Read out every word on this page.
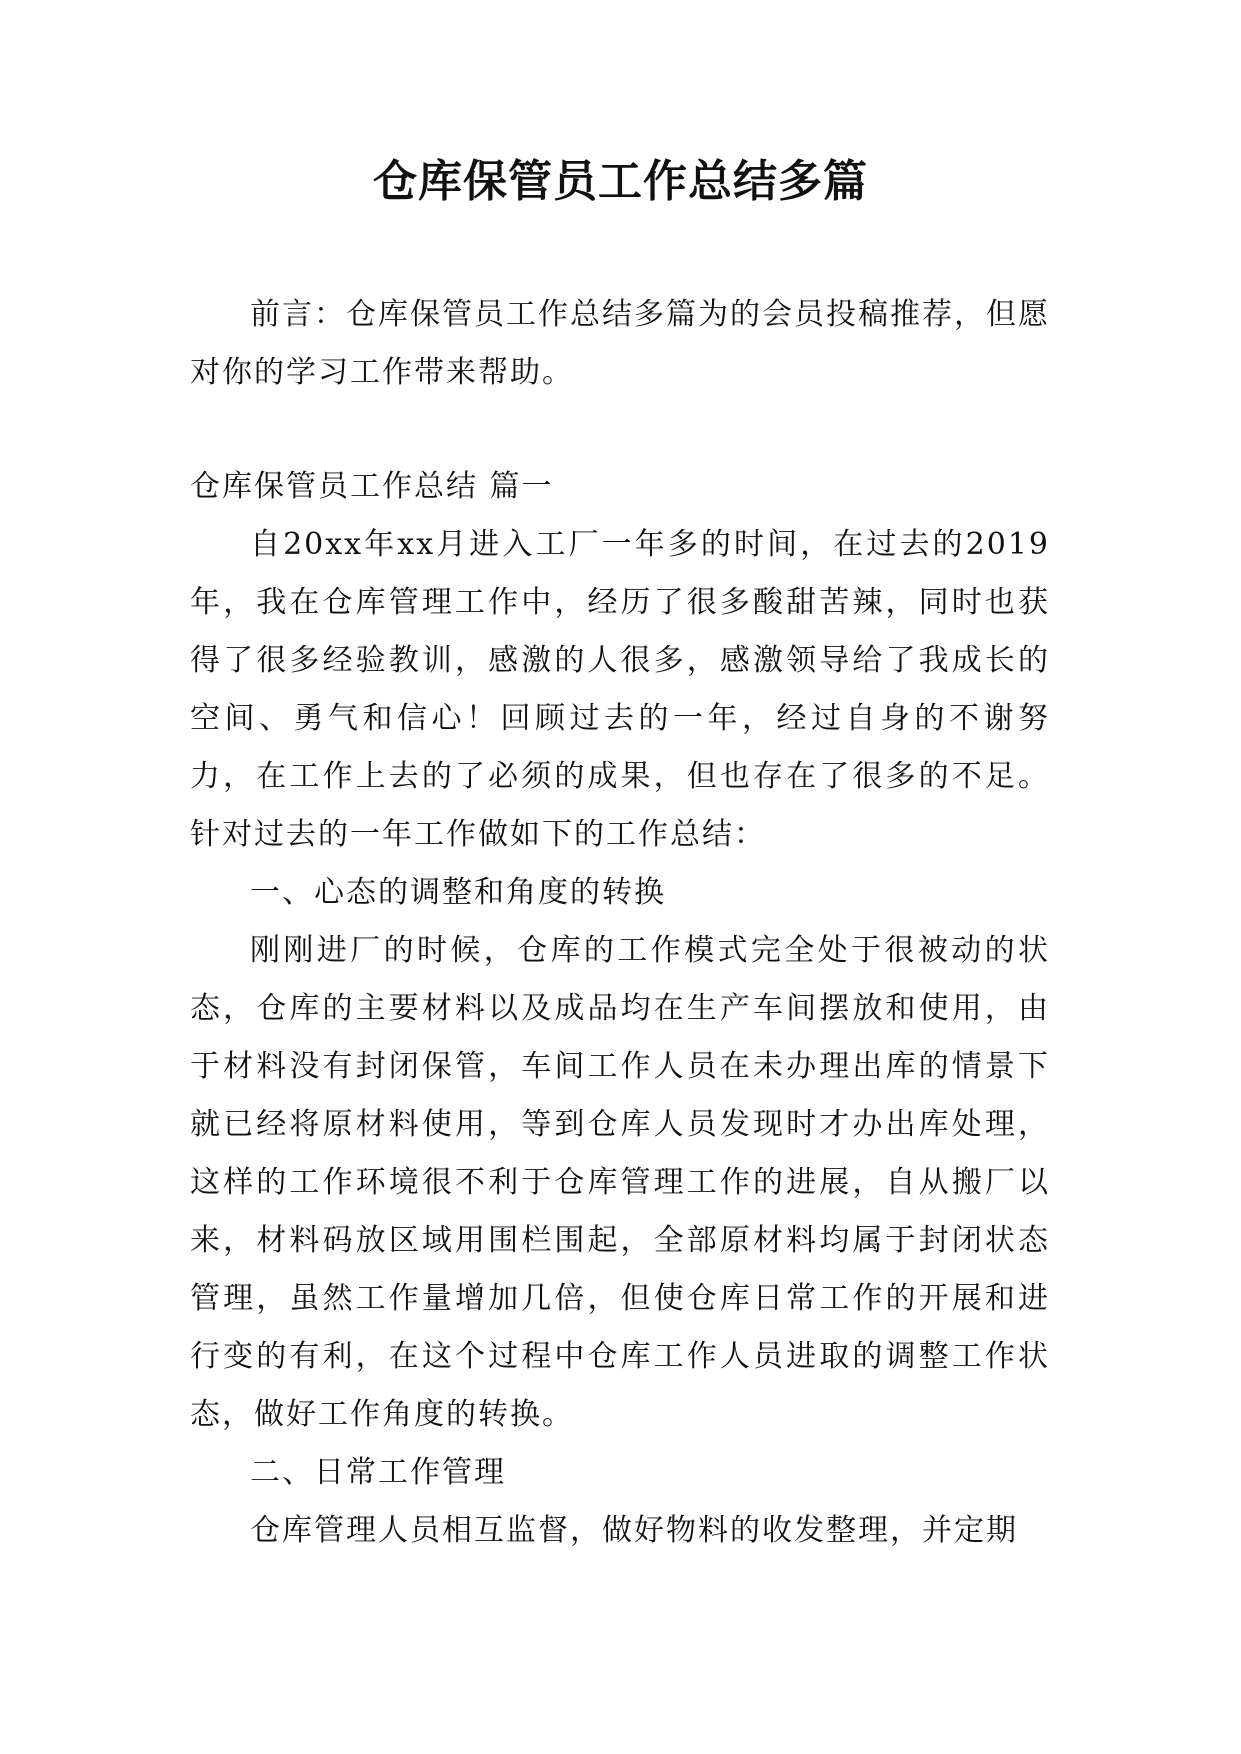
仓库保管员工作总结多篇

前言：仓库保管员工作总结多篇为的会员投稿推荐，但愿对你的学习工作带来帮助。

仓库保管员工作总结 篇一

自20xx年xx月进入工厂一年多的时间，在过去的2019年，我在仓库管理工作中，经历了很多酸甜苦辣，同时也获得了很多经验教训，感激的人很多，感激领导给了我成长的空间、勇气和信心！回顾过去的一年，经过自身的不谢努力，在工作上去的了必须的成果，但也存在了很多的不足。针对过去的一年工作做如下的工作总结：

一、心态的调整和角度的转换

刚刚进厂的时候，仓库的工作模式完全处于很被动的状态，仓库的主要材料以及成品均在生产车间摆放和使用，由于材料没有封闭保管，车间工作人员在未办理出库的情景下就已经将原材料使用，等到仓库人员发现时才办出库处理，这样的工作环境很不利于仓库管理工作的进展，自从搬厂以来，材料码放区域用围栏围起，全部原材料均属于封闭状态管理，虽然工作量增加几倍，但使仓库日常工作的开展和进行变的有利，在这个过程中仓库工作人员进取的调整工作状态，做好工作角度的转换。

二、日常工作管理

仓库管理人员相互监督，做好物料的收发整理，并定期
